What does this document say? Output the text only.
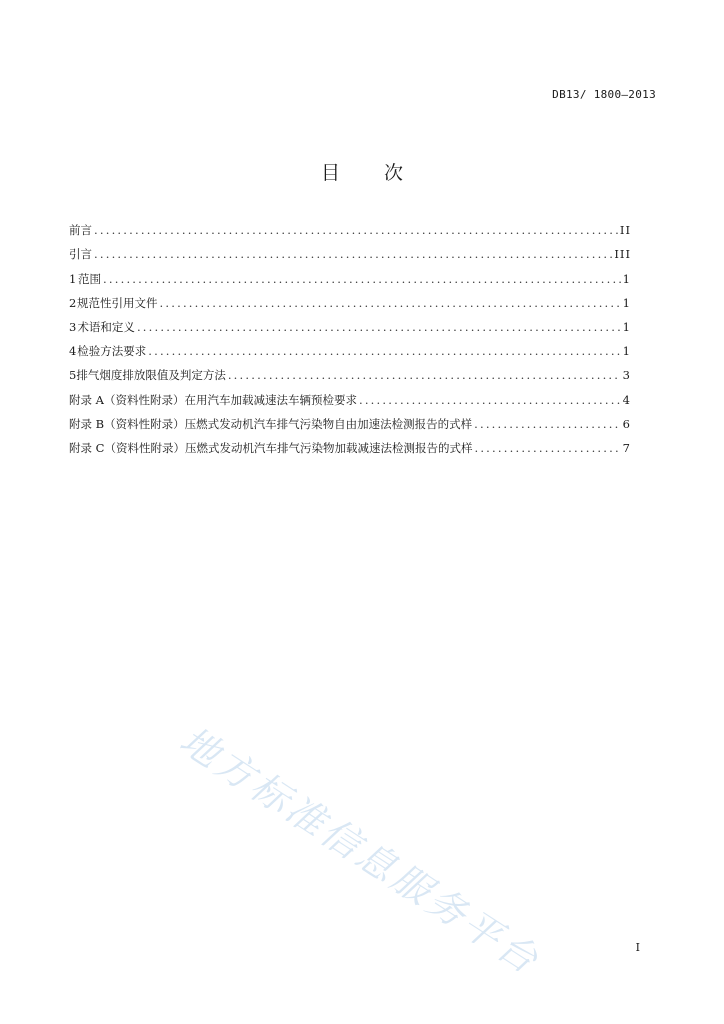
DB13/ 1800—2013
目 次
前言 .....	II
引言 .....	III
1 范围 .....	1
2 规范性引用文件 .....	1
3 术语和定义 .....	1
4 检验方法要求 .....	1
5 排气烟度排放限值及判定方法 .....	3
附录 A（资料性附录） 在用汽车加载减速法车辆预检要求 .....	4
附录 B（资料性附录） 压燃式发动机汽车排气污染物自由加速法检测报告的式样 .....	6
附录 C（资料性附录） 压燃式发动机汽车排气污染物加载减速法检测报告的式样 .....	7
地方标准信息服务平台	I
